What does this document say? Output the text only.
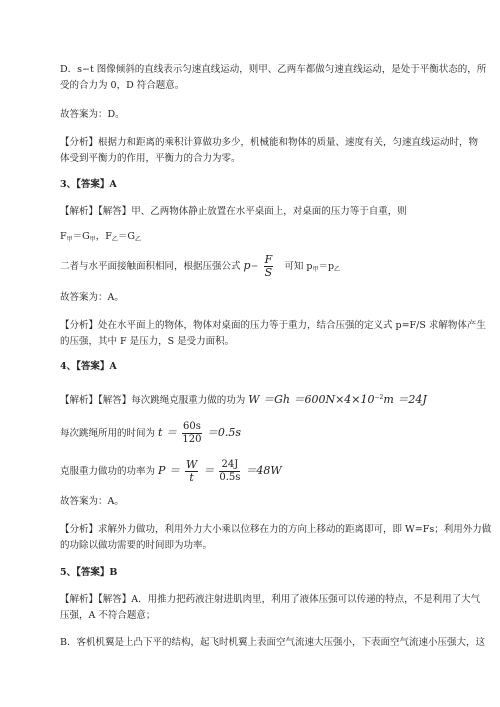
D．s−t 图像倾斜的直线表示匀速直线运动，则甲、乙两车都做匀速直线运动，是处于平衡状态的，所
受的合力为 0，D 符合题意。
故答案为：D。
【分析】根据力和距离的乘积计算做功多少，机械能和物体的质量、速度有关，匀速直线运动时，物
体受到平衡力的作用，平衡力的合力为零。
3、【答案】A
【解析】【解答】甲、乙两物体静止放置在水平桌面上，对桌面的压力等于自重，则
$F_甲=G_甲$，$F_乙=G_乙$
二者与水平面接触面积相同，根据压强公式 $p= \frac{F}{S}$ 可知 $p_甲=p_乙$
故答案为：A。
【分析】处在水平面上的物体，物体对桌面的压力等于重力，结合压强的定义式 p=F/S 求解物体产生
的压强，其中 F 是压力，S 是受力面积。
4、【答案】A
【解析】【解答】每次跳绳克服重力做的功为 $W =Gh =600N\times 4\times 10^{-2}m =24J$
每次跳绳所用的时间为 $t = \frac{60s}{120} =0.5s$
克服重力做功的功率为 $P = \frac{W}{t} = \frac{24J}{0.5s} =48W$
故答案为：A。
【分析】求解外力做功，利用外力大小乘以位移在力的方向上移动的距离即可，即 W=Fs；利用外力做
的功除以做功需要的时间即为功率。
5、【答案】B
【解析】【解答】A．用推力把药液注射进肌肉里，利用了液体压强可以传递的特点，不是利用了大气
压强，A 不符合题意；
B．客机机翼是上凸下平的结构，起飞时机翼上表面空气流速大压强小，下表面空气流速小压强大，这
